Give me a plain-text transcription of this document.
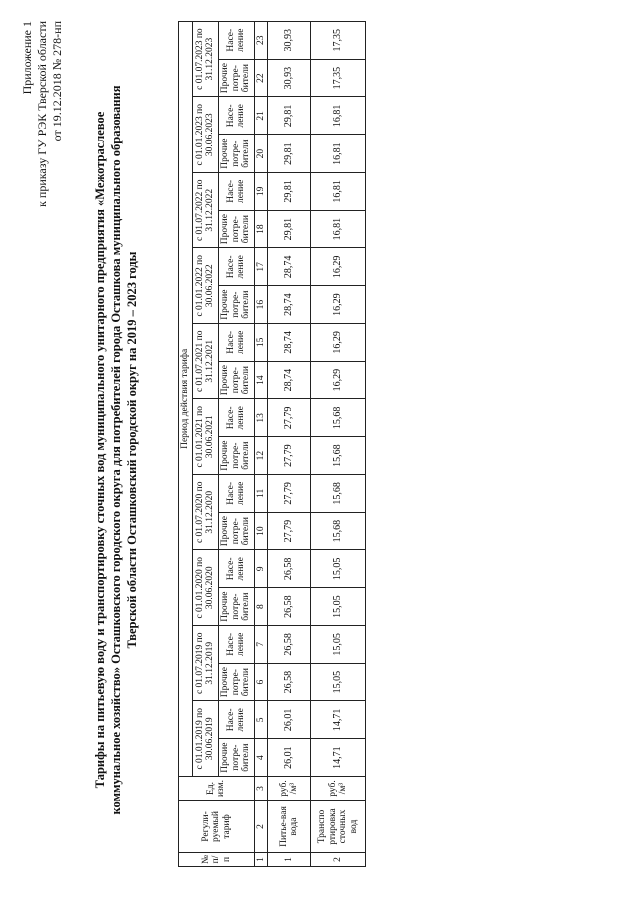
Приложение 1 к приказу ГУ РЭК Тверской области от 19.12.2018 № 278-нп
Тарифы на питьевую воду и транспортировку сточных вод муниципального унитарного предприятия «Межотраслевое коммунальное хозяйство» Осташковского городского округа для потребителей города Осташкова муниципального образования Тверской области Осташковский городской округ на 2019 – 2023 годы
№ п/п	Регули-руемый тариф	Ед. изм.	Период действия тарифа																			
			с 01.01.2019 по 30.06.2019		с 01.07.2019 по 31.12.2019		с 01.01.2020 по 30.06.2020		с 01.07.2020 по 31.12.2020		с 01.01.2021 по 30.06.2021		с 01.07.2021 по 31.12.2021		с 01.01.2022 по 30.06.2022		с 01.07.2022 по 31.12.2022		с 01.01.2023 по 30.06.2023		с 01.07.2023 по 31.12.2023	
			Прочие потре-бители	Насе-ление	Прочие потре-бители	Насе-ление	Прочие потре-бители	Насе-ление	Прочие потре-бители	Насе-ление	Прочие потре-бители	Насе-ление	Прочие потре-бители	Насе-ление	Прочие потре-бители	Насе-ление	Прочие потре-бители	Насе-ление	Прочие потре-бители	Насе-ление	Прочие потре-бители	Насе-ление
1	2	3	4	5	6	7	8	9	10	11	12	13	14	15	16	17	18	19	20	21	22	23
1	Питье-вая вода	руб. /м³	26,01	26,01	26,58	26,58	26,58	26,58	27,79	27,79	27,79	27,79	28,74	28,74	28,74	28,74	29,81	29,81	29,81	29,81	30,93	30,93
2	Транспо ртировка сточных вод	руб. /м³	14,71	14,71	15,05	15,05	15,05	15,05	15,68	15,68	15,68	15,68	16,29	16,29	16,29	16,29	16,81	16,81	16,81	16,81	17,35	17,35
